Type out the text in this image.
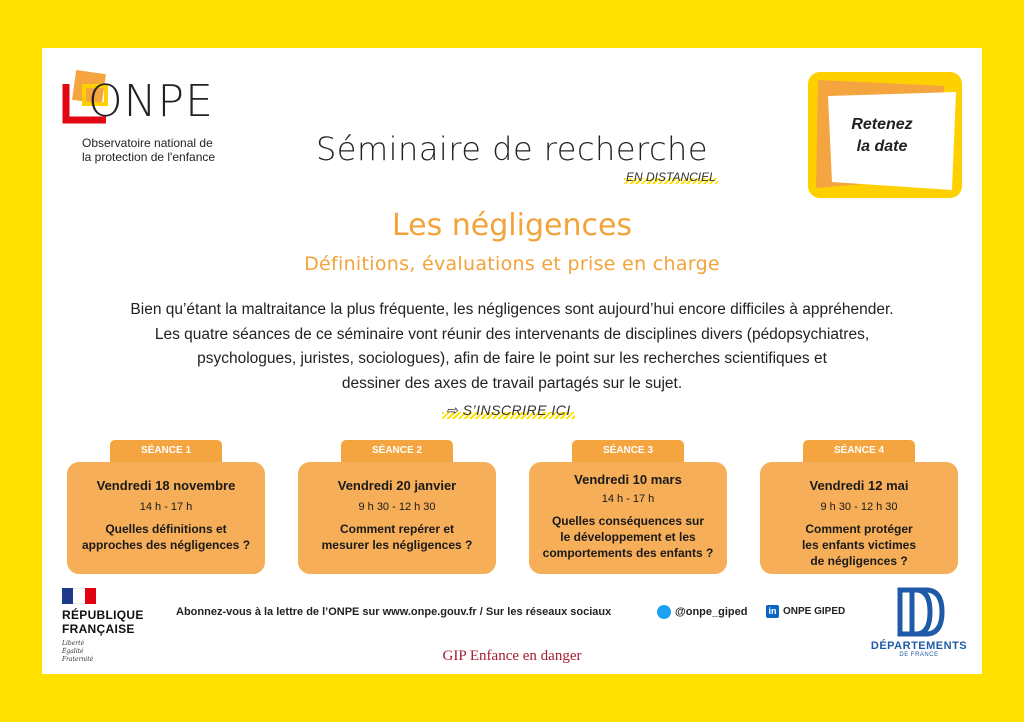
ONPE
Observatoire national de
la protection de l'enfance	Séminaire de recherche
EN DISTANCIEL
Retenez
la date
Les négligences
Définitions, évaluations et prise en charge
Bien qu’étant la maltraitance la plus fréquente, les négligences sont aujourd’hui encore difficiles à appréhender.
Les quatre séances de ce séminaire vont réunir des intervenants de disciplines divers (pédopsychiatres,
psychologues, juristes, sociologues), afin de faire le point sur les recherches scientifiques et
dessiner des axes de travail partagés sur le sujet.
⇨ S’INSCRIRE ICI
SÉANCE 1
Vendredi 18 novembre
14 h - 17 h
Quelles définitions et
approches des négligences ?
SÉANCE 2
Vendredi 20 janvier
9 h 30 - 12 h 30
Comment repérer et
mesurer les négligences ?
SÉANCE 3
Vendredi 10 mars
14 h - 17 h
Quelles conséquences sur
le développement et les
comportements des enfants ?
SÉANCE 4
Vendredi 12 mai
9 h 30 - 12 h 30
Comment protéger
les enfants victimes
de négligences ?
RÉPUBLIQUE
FRANÇAISE
Liberté
Égalité
Fraternité
Abonnez-vous à la lettre de l’ONPE sur www.onpe.gouv.fr / Sur les réseaux sociaux	@onpe_giped in ONPE GIPED
GIP Enfance en danger
DÉPARTEMENTS
DE FRANCE
